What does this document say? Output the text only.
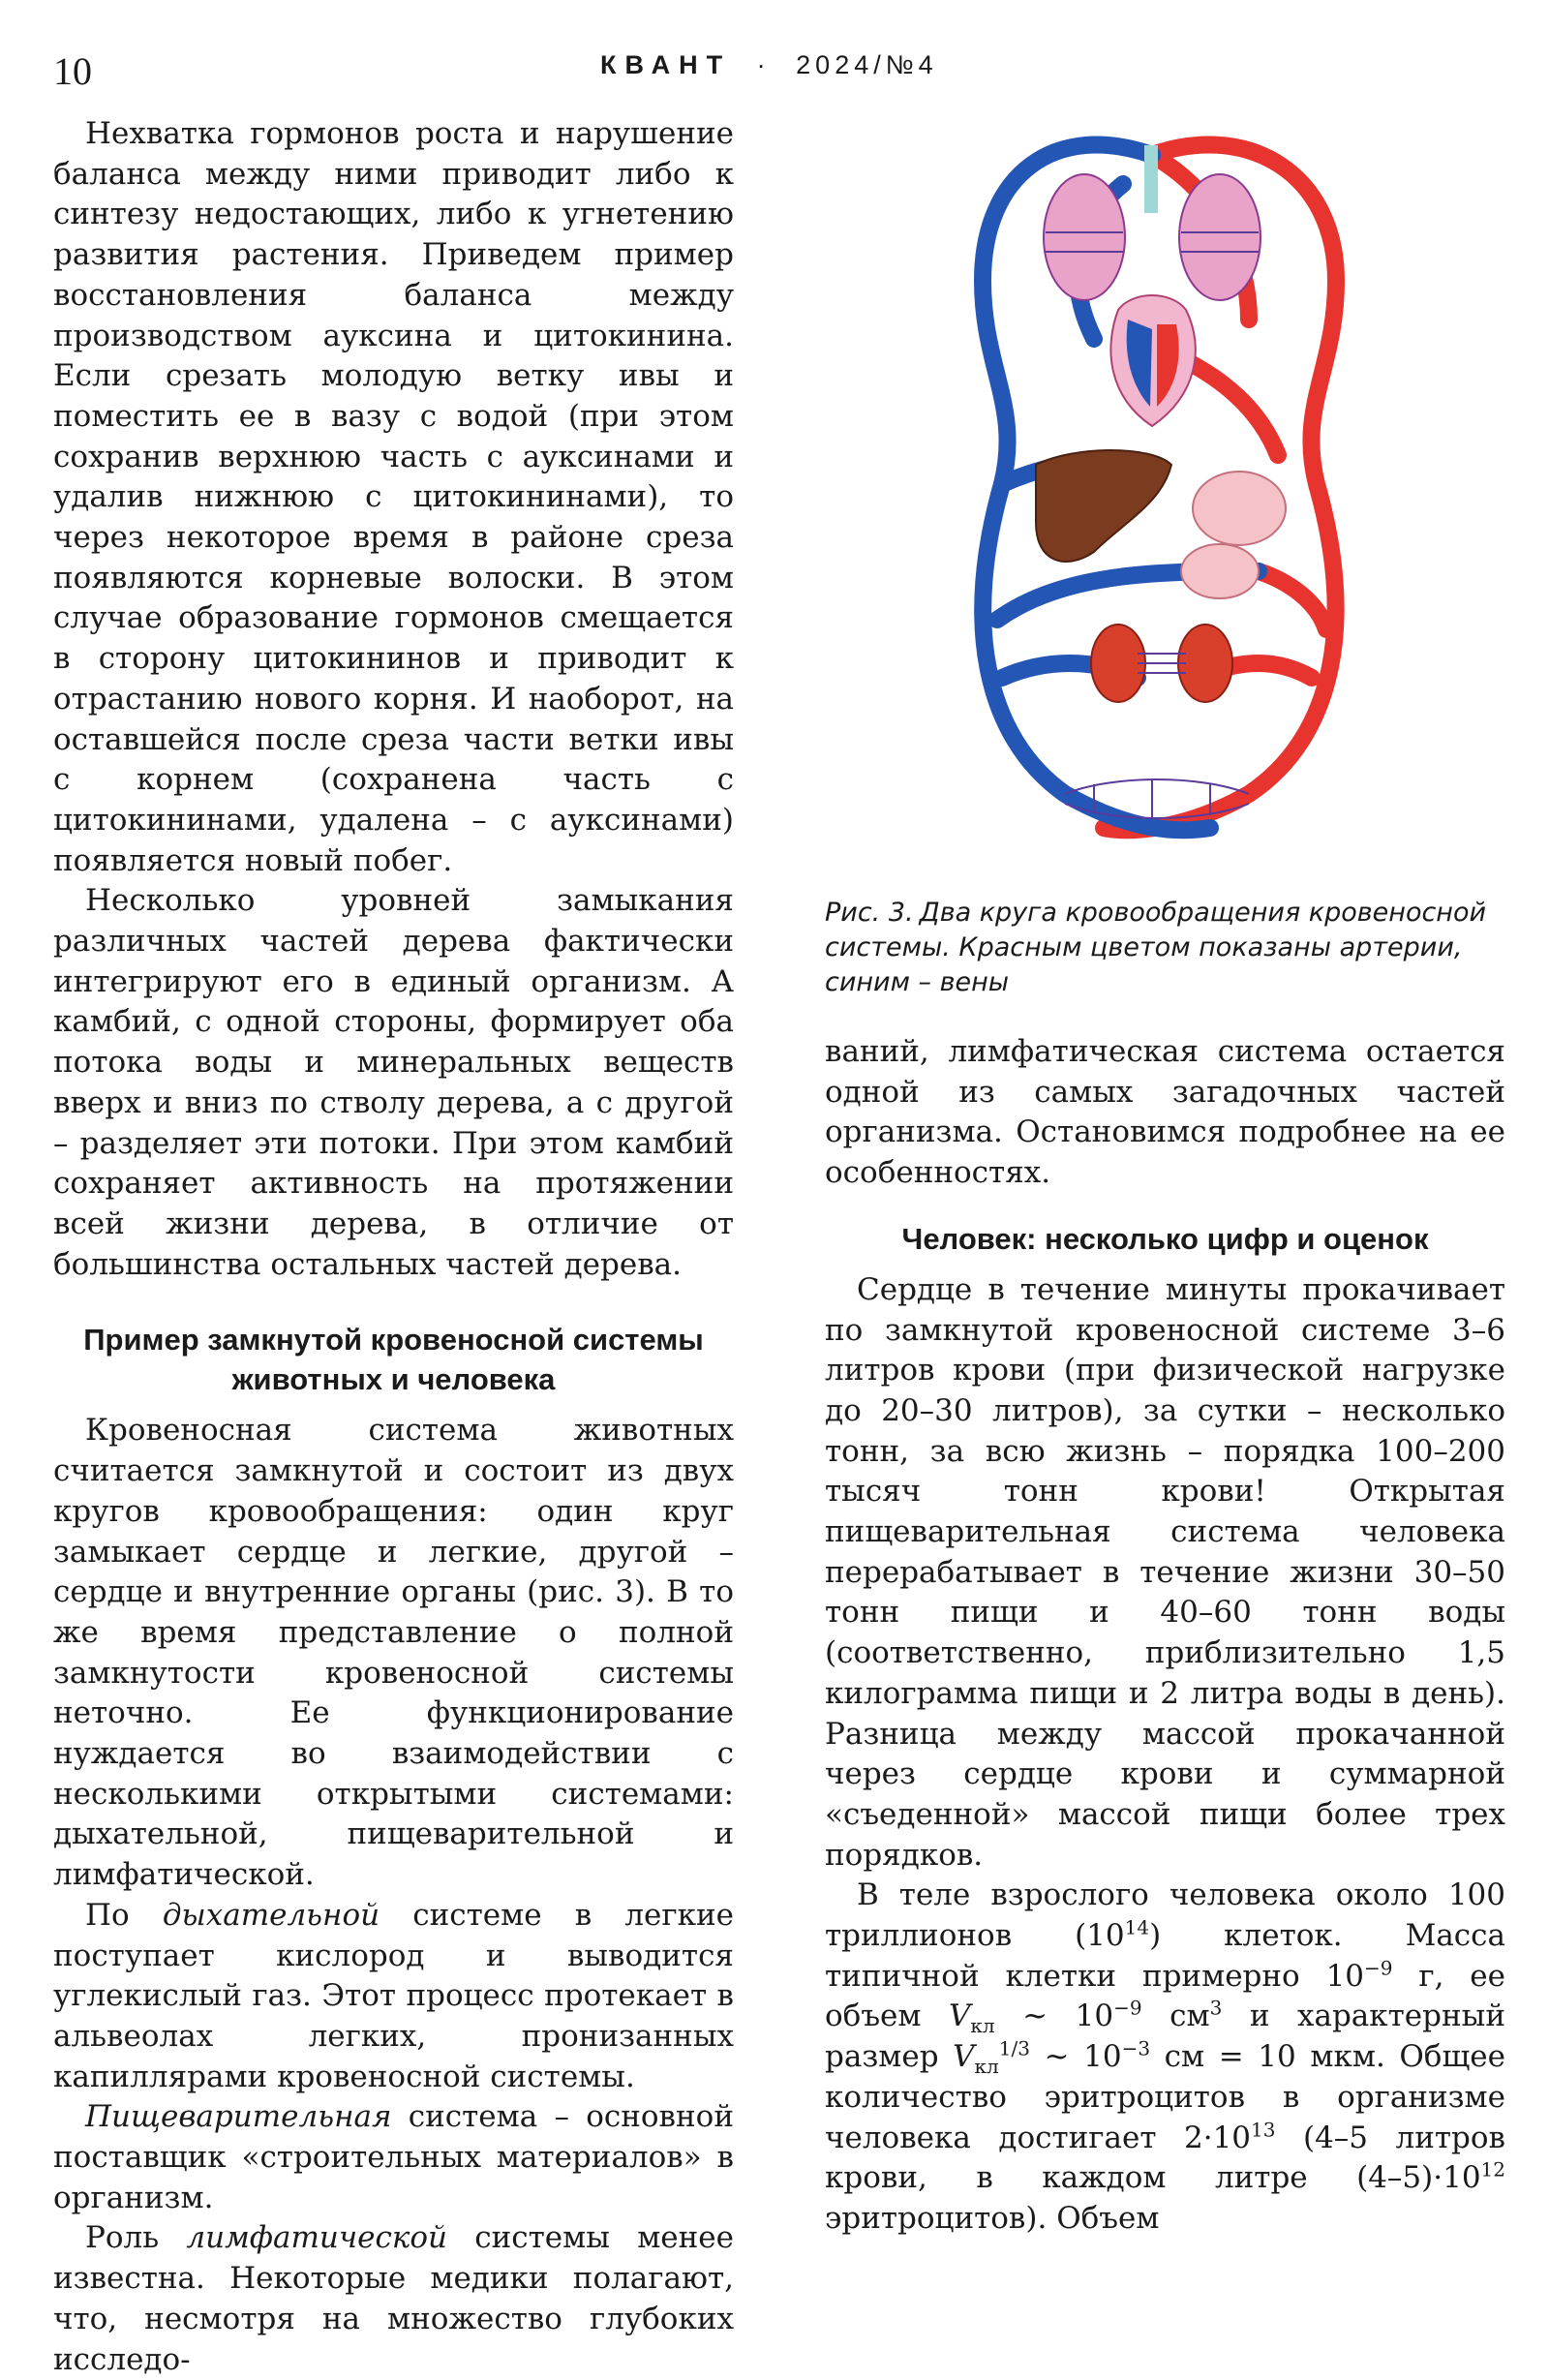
10	КВАНТ · 2024/№4

Нехватка гормонов роста и нарушение баланса между ними приводит либо к синтезу недостающих, либо к угнетению развития растения. Приведем пример восстановления баланса между производством ауксина и цитокинина. Если срезать молодую ветку ивы и поместить ее в вазу с водой (при этом сохранив верхнюю часть с ауксинами и удалив нижнюю с цитокининами), то через некоторое время в районе среза появляются корневые волоски. В этом случае образование гормонов смещается в сторону цитокининов и приводит к отрастанию нового корня. И наоборот, на оставшейся после среза части ветки ивы с корнем (сохранена часть с цитокининами, удалена – с ауксинами) появляется новый побег.

Несколько уровней замыкания различных частей дерева фактически интегрируют его в единый организм. А камбий, с одной стороны, формирует оба потока воды и минеральных веществ вверх и вниз по стволу дерева, а с другой – разделяет эти потоки. При этом камбий сохраняет активность на протяжении всей жизни дерева, в отличие от большинства остальных частей дерева.

Пример замкнутой кровеносной системы животных и человека

Кровеносная система животных считается замкнутой и состоит из двух кругов кровообращения: один круг замыкает сердце и легкие, другой – сердце и внутренние органы (рис. 3). В то же время представление о полной замкнутости кровеносной системы неточно. Ее функционирование нуждается во взаимодействии с несколькими открытыми системами: дыхательной, пищеварительной и лимфатической.

По дыхательной системе в легкие поступает кислород и выводится углекислый газ. Этот процесс протекает в альвеолах легких, пронизанных капиллярами кровеносной системы.

Пищеварительная система – основной поставщик «строительных материалов» в организм.

Роль лимфатической системы менее известна. Некоторые медики полагают, что, несмотря на множество глубоких исследо-

Рис. 3. Два круга кровообращения кровеносной системы. Красным цветом показаны артерии, синим – вены

ваний, лимфатическая система остается одной из самых загадочных частей организма. Остановимся подробнее на ее особенностях.

Человек: несколько цифр и оценок

Сердце в течение минуты прокачивает по замкнутой кровеносной системе 3–6 литров крови (при физической нагрузке до 20–30 литров), за сутки – несколько тонн, за всю жизнь – порядка 100–200 тысяч тонн крови! Открытая пищеварительная система человека перерабатывает в течение жизни 30–50 тонн пищи и 40–60 тонн воды (соответственно, приблизительно 1,5 килограмма пищи и 2 литра воды в день). Разница между массой прокачанной через сердце крови и суммарной «съеденной» массой пищи более трех порядков.

В теле взрослого человека около 100 триллионов $(10^{14})$ клеток. Масса типичной клетки примерно $10^{-9}$ г, ее объем $V_{кл}$ ~ $10^{-9}$ $см^3$ и характерный размер $V_{кл}^{1/3}$ ~ $10^{-3}$ см = 10 мкм. Общее количество эритроцитов в организме человека достигает $2\cdot 10^{13}$ (4–5 литров крови, в каждом литре $(4-5)\cdot 10^{12}$ эритроцитов). Объем
